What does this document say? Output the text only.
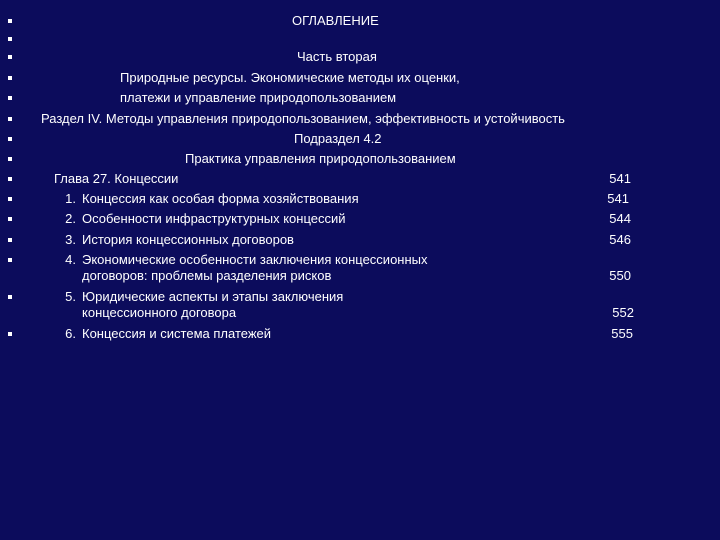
ОГЛАВЛЕНИЕ
Часть вторая
Природные ресурсы. Экономические методы их оценки,
платежи и управление природопользованием
Раздел IV. Методы управления природопользованием, эффективность и устойчивость
Подраздел 4.2
Практика управления природопользованием
Глава 27. Концессии	541
1. Концессия как особая форма хозяйствования	541
2. Особенности инфраструктурных концессий	544
3. История концессионных договоров	546
4. Экономические особенности заключения концессионных
договоров: проблемы разделения рисков	550
5. Юридические аспекты и этапы заключения
концессионного договора	552
6. Концессия и система платежей	555
